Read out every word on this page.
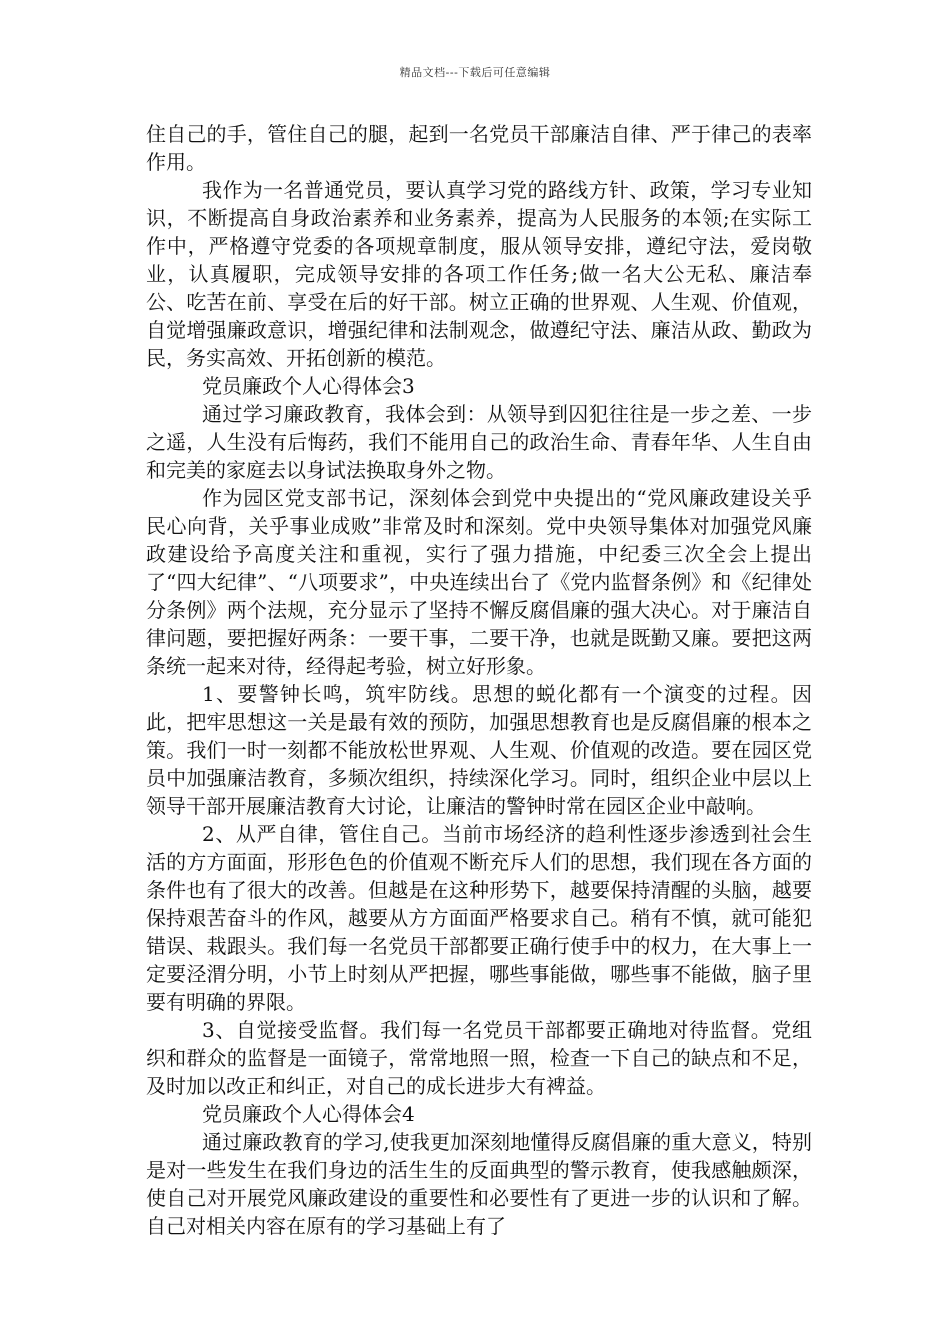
精品文档---下载后可任意编辑

住自己的手，管住自己的腿，起到一名党员干部廉洁自律、严于律己的表率作用。

我作为一名普通党员，要认真学习党的路线方针、政策，学习专业知识，不断提高自身政治素养和业务素养，提高为人民服务的本领;在实际工作中，严格遵守党委的各项规章制度，服从领导安排，遵纪守法，爱岗敬业，认真履职，完成领导安排的各项工作任务;做一名大公无私、廉洁奉公、吃苦在前、享受在后的好干部。树立正确的世界观、人生观、价值观，自觉增强廉政意识，增强纪律和法制观念，做遵纪守法、廉洁从政、勤政为民，务实高效、开拓创新的模范。

党员廉政个人心得体会3

通过学习廉政教育，我体会到：从领导到囚犯往往是一步之差、一步之遥，人生没有后悔药，我们不能用自己的政治生命、青春年华、人生自由和完美的家庭去以身试法换取身外之物。

作为园区党支部书记，深刻体会到党中央提出的“党风廉政建设关乎民心向背，关乎事业成败”非常及时和深刻。党中央领导集体对加强党风廉政建设给予高度关注和重视，实行了强力措施，中纪委三次全会上提出了“四大纪律”、“八项要求”，中央连续出台了《党内监督条例》和《纪律处分条例》两个法规，充分显示了坚持不懈反腐倡廉的强大决心。对于廉洁自律问题，要把握好两条：一要干事，二要干净，也就是既勤又廉。要把这两条统一起来对待，经得起考验，树立好形象。

1、要警钟长鸣，筑牢防线。思想的蜕化都有一个演变的过程。因此，把牢思想这一关是最有效的预防，加强思想教育也是反腐倡廉的根本之策。我们一时一刻都不能放松世界观、人生观、价值观的改造。要在园区党员中加强廉洁教育，多频次组织，持续深化学习。同时，组织企业中层以上领导干部开展廉洁教育大讨论，让廉洁的警钟时常在园区企业中敲响。

2、从严自律，管住自己。当前市场经济的趋利性逐步渗透到社会生活的方方面面，形形色色的价值观不断充斥人们的思想，我们现在各方面的条件也有了很大的改善。但越是在这种形势下，越要保持清醒的头脑，越要保持艰苦奋斗的作风，越要从方方面面严格要求自己。稍有不慎，就可能犯错误、栽跟头。我们每一名党员干部都要正确行使手中的权力，在大事上一定要泾渭分明，小节上时刻从严把握，哪些事能做，哪些事不能做，脑子里要有明确的界限。

3、自觉接受监督。我们每一名党员干部都要正确地对待监督。党组织和群众的监督是一面镜子，常常地照一照，检查一下自己的缺点和不足，及时加以改正和纠正，对自己的成长进步大有裨益。

党员廉政个人心得体会4

通过廉政教育的学习,使我更加深刻地懂得反腐倡廉的重大意义，特别是对一些发生在我们身边的活生生的反面典型的警示教育，使我感触颇深，使自己对开展党风廉政建设的重要性和必要性有了更进一步的认识和了解。自己对相关内容在原有的学习基础上有了
